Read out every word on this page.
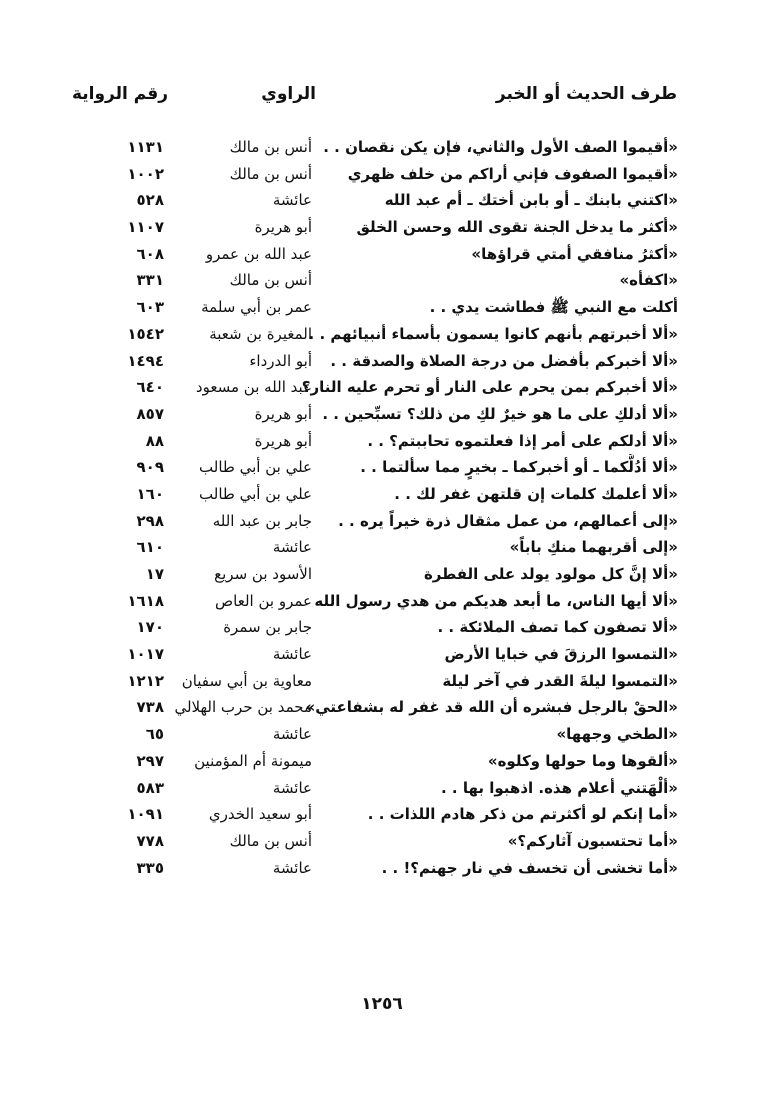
طرف الحديث أو الخبر
الراوي
رقم الرواية
«أقيموا الصف الأول والثاني، فإن يكن نقصان . .
أنس بن مالك
١١٣١
«أقيموا الصفوف فإني أراكم من خلف ظهري
أنس بن مالك
١٠٠٢
«اكتني بابنك ـ أو بابن أختك ـ أم عبد الله
عائشة
٥٢٨
«أكثر ما يدخل الجنة تقوى الله وحسن الخلق
أبو هريرة
١١٠٧
«أكثرُ منافقي أمتي قراؤها»
عبد الله بن عمرو
٦٠٨
«اكفأه»
أنس بن مالك
٣٣١
أكلت مع النبي ﷺ فطاشت يدي . .
عمر بن أبي سلمة
٦٠٣
«ألا أخبرتهم بأنهم كانوا يسمون بأسماء أنبيائهم . .
المغيرة بن شعبة
١٥٤٢
«ألا أخبركم بأفضل من درجة الصلاة والصدقة . .
أبو الدرداء
١٤٩٤
«ألا أخبركم بمن يحرم على النار أو تحرم عليه النار؟
عبد الله بن مسعود
٦٤٠
«ألا أدلكِ على ما هو خيرٌ لكِ من ذلك؟ تسبِّحين . .
أبو هريرة
٨٥٧
«ألا أدلكم على أمر إذا فعلتموه تحاببتم؟ . .
أبو هريرة
٨٨
«ألا أدُلُّكما ـ أو أخبركما ـ بخيرٍ مما سألتما . .
علي بن أبي طالب
٩٠٩
«ألا أعلمك كلمات إن قلتهن غفر لك . .
علي بن أبي طالب
١٦٠
«إلى أعمالهم، من عمل مثقال ذرة خيراً يره . .
جابر بن عبد الله
٢٩٨
«إلى أقربهما منكِ باباً»
عائشة
٦١٠
«ألا إنَّ كل مولود يولد على الفطرة
الأسود بن سريع
١٧
«ألا أيها الناس، ما أبعد هديكم من هدي رسول الله
عمرو بن العاص
١٦١٨
«ألا تصفون كما تصف الملائكة . .
جابر بن سمرة
١٧٠
«التمسوا الرزقَ في خبايا الأرض
عائشة
١٠١٧
«التمسوا ليلةَ القدر في آخر ليلة
معاوية بن أبي سفيان
١٢١٢
«الحقْ بالرجل فبشره أن الله قد غفر له بشفاعتي»
محمد بن حرب الهلالي
٧٣٨
«الطخي وجهها»
عائشة
٦٥
«ألقوها وما حولها وكلوه»
ميمونة أم المؤمنين
٢٩٧
«ألْهَتني أعلام هذه. اذهبوا بها . .
عائشة
٥٨٣
«أما إنكم لو أكثرتم من ذكر هادم اللذات . .
أبو سعيد الخدري
١٠٩١
«أما تحتسبون آثاركم؟»
أنس بن مالك
٧٧٨
«أما تخشى أن تخسف في نار جهنم؟! . .
عائشة
٣٣٥
١٢٥٦
